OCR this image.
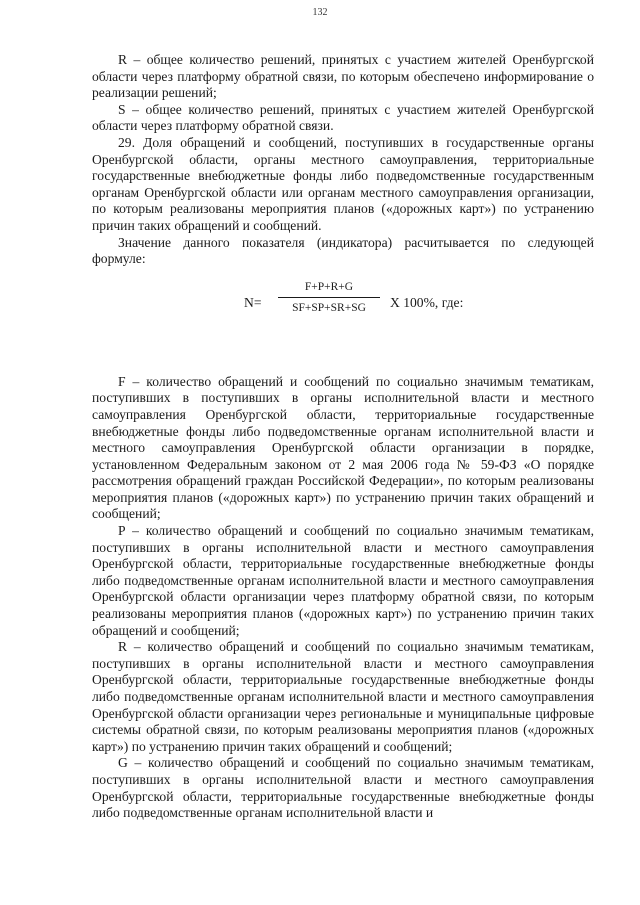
132

R – общее количество решений, принятых с участием жителей Оренбургской области через платформу обратной связи, по которым обеспечено информирование о реализации решений;

S – общее количество решений, принятых с участием жителей Оренбургской области через платформу обратной связи.

29. Доля обращений и сообщений, поступивших в государственные органы Оренбургской области, органы местного самоуправления, территориальные государственные внебюджетные фонды либо подведомственные государственным органам Оренбургской области или органам местного самоуправления организации, по которым реализованы мероприятия планов («дорожных карт») по устранению причин таких обращений и сообщений.

Значение данного показателя (индикатора) расчитывается по следующей формуле:

N=
F+P+R+G
SF+SP+SR+SG	X 100%, где:

F – количество обращений и сообщений по социально значимым тематикам, поступивших в поступивших в органы исполнительной власти и местного самоуправления Оренбургской области, территориальные государственные внебюджетные фонды либо подведомственные органам исполнительной власти и местного самоуправления Оренбургской области организации в порядке, установленном Федеральным законом от 2 мая 2006 года № 59-ФЗ «О порядке рассмотрения обращений граждан Российской Федерации», по которым реализованы мероприятия планов («дорожных карт») по устранению причин таких обращений и сообщений;

P – количество обращений и сообщений по социально значимым тематикам, поступивших в органы исполнительной власти и местного самоуправления Оренбургской области, территориальные государственные внебюджетные фонды либо подведомственные органам исполнительной власти и местного самоуправления Оренбургской области организации через платформу обратной связи, по которым реализованы мероприятия планов («дорожных карт») по устранению причин таких обращений и сообщений;

R – количество обращений и сообщений по социально значимым тематикам, поступивших в органы исполнительной власти и местного самоуправления Оренбургской области, территориальные государственные внебюджетные фонды либо подведомственные органам исполнительной власти и местного самоуправления Оренбургской области организации через региональные и муниципальные цифровые системы обратной связи, по которым реализованы мероприятия планов («дорожных карт») по устранению причин таких обращений и сообщений;

G – количество обращений и сообщений по социально значимым тематикам, поступивших в органы исполнительной власти и местного самоуправления Оренбургской области, территориальные государственные внебюджетные фонды либо подведомственные органам исполнительной власти и
